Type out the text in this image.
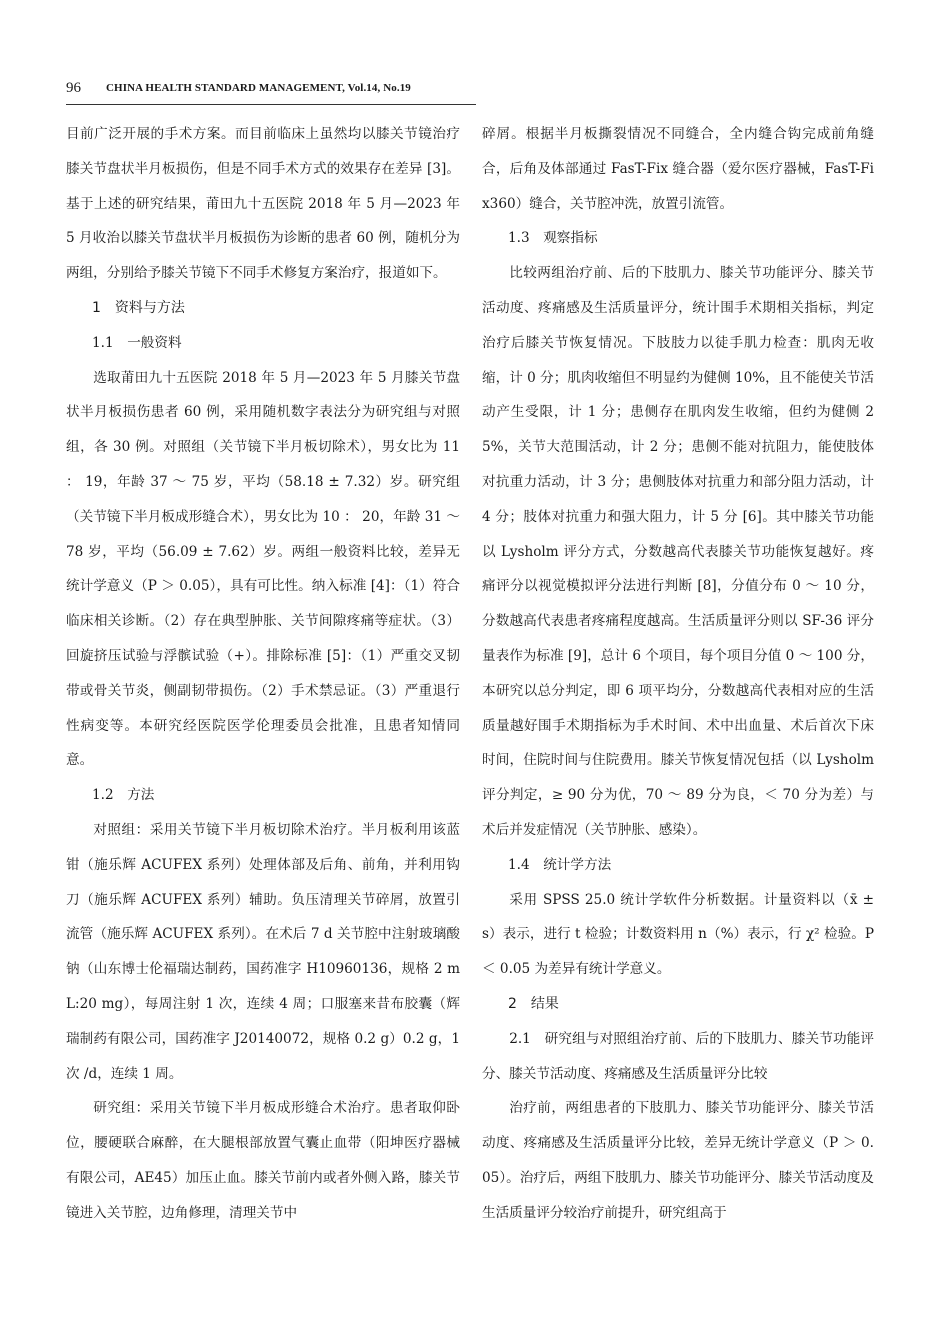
96 CHINA HEALTH STANDARD MANAGEMENT, Vol.14, No.19

目前广泛开展的手术方案。而目前临床上虽然均以膝关节镜治疗膝关节盘状半月板损伤，但是不同手术方式的效果存在差异 [3]。基于上述的研究结果，莆田九十五医院 2018 年 5 月—2023 年 5 月收治以膝关节盘状半月板损伤为诊断的患者 60 例，随机分为两组，分别给予膝关节镜下不同手术修复方案治疗，报道如下。

1　资料与方法

1.1　一般资料

选取莆田九十五医院 2018 年 5 月—2023 年 5 月膝关节盘状半月板损伤患者 60 例，采用随机数字表法分为研究组与对照组，各 30 例。对照组（关节镜下半月板切除术），男女比为 11 ： 19，年龄 37 ～ 75 岁，平均（58.18 ± 7.32）岁。研究组（关节镜下半月板成形缝合术），男女比为 10 ： 20，年龄 31 ～ 78 岁，平均（56.09 ± 7.62）岁。两组一般资料比较，差异无统计学意义（P ＞ 0.05），具有可比性。纳入标准 [4]：（1）符合临床相关诊断。（2）存在典型肿胀、关节间隙疼痛等症状。（3）回旋挤压试验与浮髌试验（+）。排除标准 [5]：（1）严重交叉韧带或骨关节炎，侧副韧带损伤。（2）手术禁忌证。（3）严重退行性病变等。本研究经医院医学伦理委员会批准，且患者知情同意。

1.2　方法

对照组：采用关节镜下半月板切除术治疗。半月板利用该蓝钳（施乐辉 ACUFEX 系列）处理体部及后角、前角，并利用钩刀（施乐辉 ACUFEX 系列）辅助。负压清理关节碎屑，放置引流管（施乐辉 ACUFEX 系列）。在术后 7 d 关节腔中注射玻璃酸钠（山东博士伦福瑞达制药，国药准字 H10960136，规格 2 mL:20 mg），每周注射 1 次，连续 4 周；口服塞来昔布胶囊（辉瑞制药有限公司，国药准字 J20140072，规格 0.2 g）0.2 g，1 次 /d，连续 1 周。

研究组：采用关节镜下半月板成形缝合术治疗。患者取仰卧位，腰硬联合麻醉，在大腿根部放置气囊止血带（阳坤医疗器械有限公司，AE45）加压止血。膝关节前内或者外侧入路，膝关节镜进入关节腔，边角修理，清理关节中

碎屑。根据半月板撕裂情况不同缝合，全内缝合钩完成前角缝合，后角及体部通过 FasT-Fix 缝合器（爱尔医疗器械，FasT-Fix360）缝合，关节腔冲洗，放置引流管。

1.3　观察指标

比较两组治疗前、后的下肢肌力、膝关节功能评分、膝关节活动度、疼痛感及生活质量评分，统计围手术期相关指标，判定治疗后膝关节恢复情况。下肢肢力以徒手肌力检查：肌肉无收缩，计 0 分；肌肉收缩但不明显约为健侧 10%，且不能使关节活动产生受限，计 1 分；患侧存在肌肉发生收缩，但约为健侧 25%，关节大范围活动，计 2 分；患侧不能对抗阻力，能使肢体对抗重力活动，计 3 分；患侧肢体对抗重力和部分阻力活动，计 4 分；肢体对抗重力和强大阻力，计 5 分 [6]。其中膝关节功能以 Lysholm 评分方式，分数越高代表膝关节功能恢复越好。疼痛评分以视觉模拟评分法进行判断 [8]，分值分布 0 ～ 10 分，分数越高代表患者疼痛程度越高。生活质量评分则以 SF-36 评分量表作为标准 [9]，总计 6 个项目，每个项目分值 0 ～ 100 分，本研究以总分判定，即 6 项平均分，分数越高代表相对应的生活质量越好围手术期指标为手术时间、术中出血量、术后首次下床时间，住院时间与住院费用。膝关节恢复情况包括（以 Lysholm 评分判定，≥ 90 分为优，70 ～ 89 分为良，＜ 70 分为差）与术后并发症情况（关节肿胀、感染）。

1.4　统计学方法

采用 SPSS 25.0 统计学软件分析数据。计量资料以（x̄ ± s）表示，进行 t 检验；计数资料用 n（%）表示，行 χ² 检验。P ＜ 0.05 为差异有统计学意义。

2　结果

2.1　研究组与对照组治疗前、后的下肢肌力、膝关节功能评分、膝关节活动度、疼痛感及生活质量评分比较

治疗前，两组患者的下肢肌力、膝关节功能评分、膝关节活动度、疼痛感及生活质量评分比较，差异无统计学意义（P ＞ 0.05）。治疗后，两组下肢肌力、膝关节功能评分、膝关节活动度及生活质量评分较治疗前提升，研究组高于
